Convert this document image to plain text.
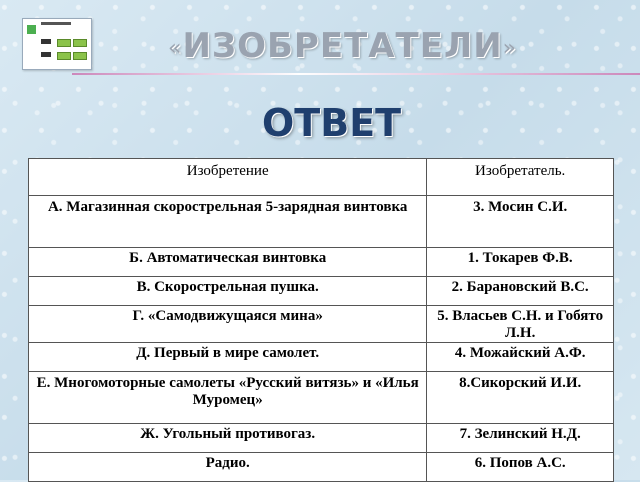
«ИЗОБРЕТАТЕЛИ»
ОТВЕТ
Изобретение	Изобретатель.
А. Магазинная скорострельная 5-зарядная винтовка	3. Мосин С.И.
Б. Автоматическая винтовка	1. Токарев Ф.В.
В. Скорострельная пушка.	2. Барановский В.С.
Г. «Самодвижущаяся мина»	5. Власьев С.Н. и Гобято Л.Н.
Д. Первый в мире самолет.	4. Можайский А.Ф.
Е. Многомоторные самолеты «Русский витязь» и «Илья Муромец»	8.Сикорский И.И.
Ж. Угольный противогаз.	7. Зелинский Н.Д.
Радио.	6. Попов А.С.
